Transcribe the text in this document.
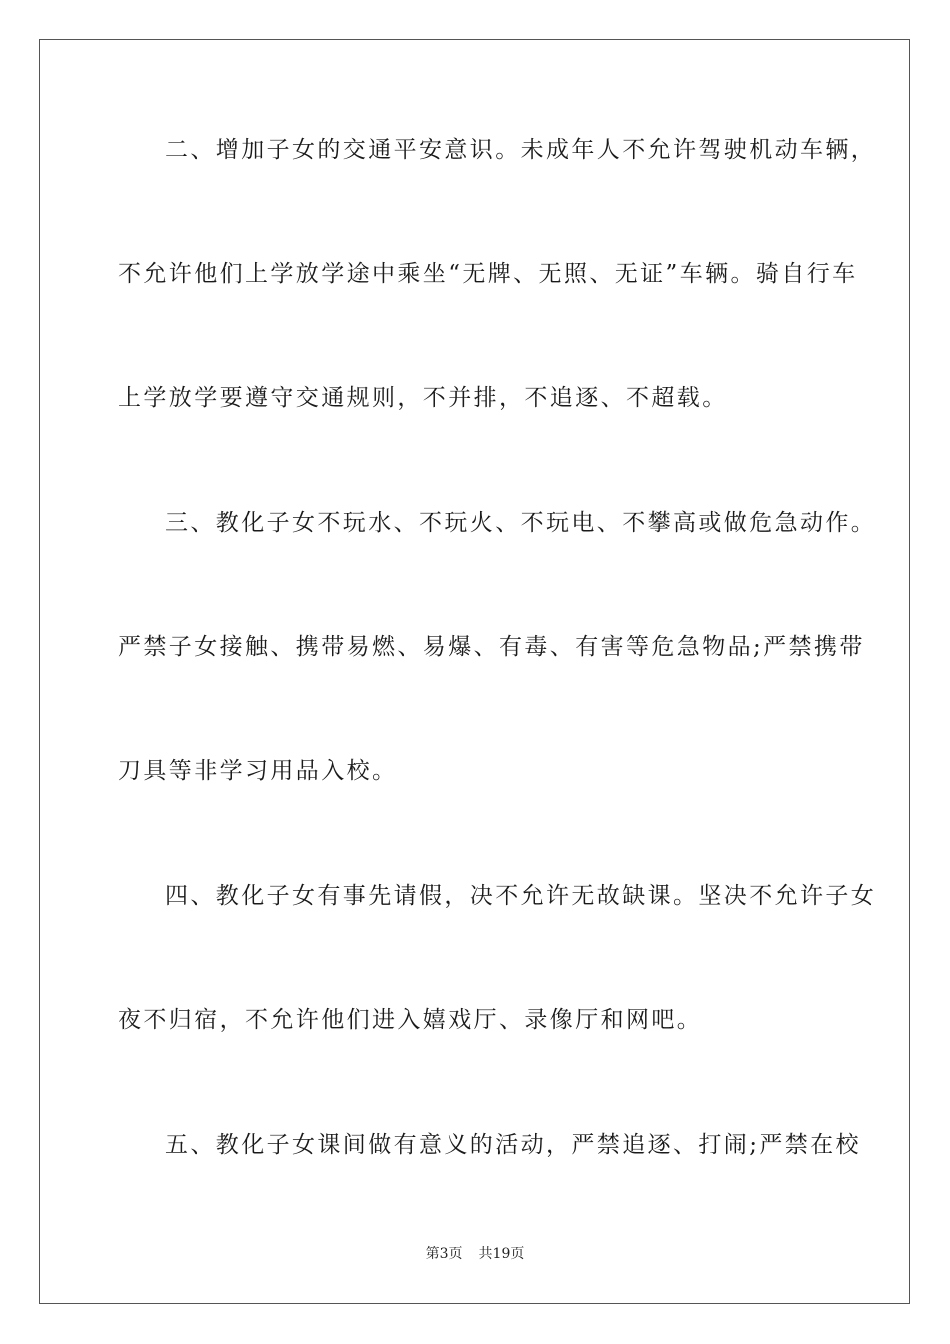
二、增加子女的交通平安意识。未成年人不允许驾驶机动车辆，
不允许他们上学放学途中乘坐“无牌、无照、无证”车辆。骑自行车
上学放学要遵守交通规则，不并排，不追逐、不超载。
三、教化子女不玩水、不玩火、不玩电、不攀高或做危急动作。
严禁子女接触、携带易燃、易爆、有毒、有害等危急物品;严禁携带
刀具等非学习用品入校。
四、教化子女有事先请假，决不允许无故缺课。坚决不允许子女
夜不归宿，不允许他们进入嬉戏厅、录像厅和网吧。
五、教化子女课间做有意义的活动，严禁追逐、打闹;严禁在校
第3页 共19页
